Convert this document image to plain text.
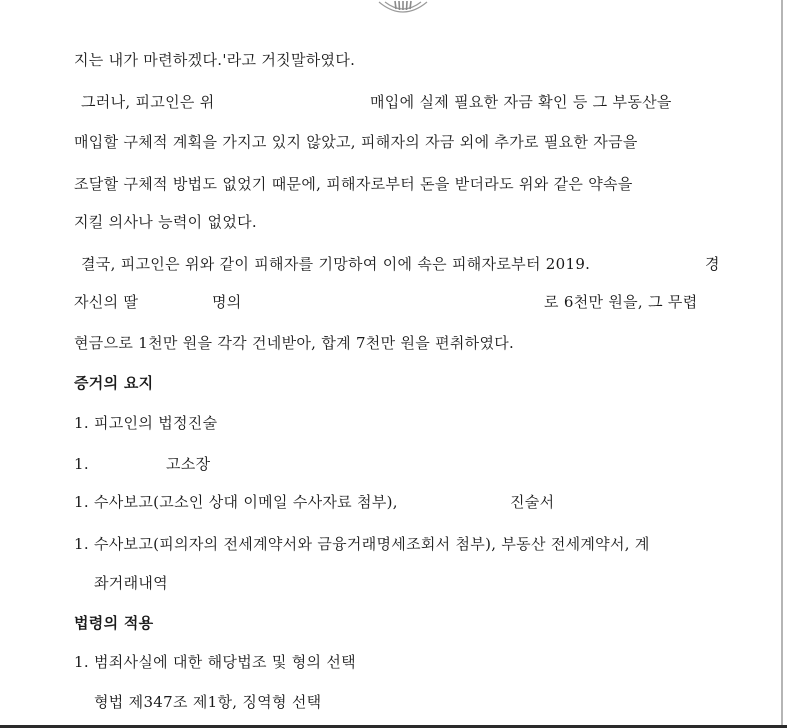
지는 내가 마련하겠다.'라고 거짓말하였다.
그러나, 피고인은 위	매입에 실제 필요한 자금 확인 등 그 부동산을
매입할 구체적 계획을 가지고 있지 않았고, 피해자의 자금 외에 추가로 필요한 자금을
조달할 구체적 방법도 없었기 때문에, 피해자로부터 돈을 받더라도 위와 같은 약속을
지킬 의사나 능력이 없었다.
결국, 피고인은 위와 같이 피해자를 기망하여 이에 속은 피해자로부터 2019.	경
자신의 딸	명의	로 6천만 원을, 그 무렵
현금으로 1천만 원을 각각 건네받아, 합계 7천만 원을 편취하였다.
증거의 요지
1. 피고인의 법정진술
1.	고소장
1. 수사보고(고소인 상대 이메일 수사자료 첨부),	진술서
1. 수사보고(피의자의 전세계약서와 금융거래명세조회서 첨부), 부동산 전세계약서, 계
좌거래내역
법령의 적용
1. 범죄사실에 대한 해당법조 및 형의 선택
형법 제347조 제1항, 징역형 선택
